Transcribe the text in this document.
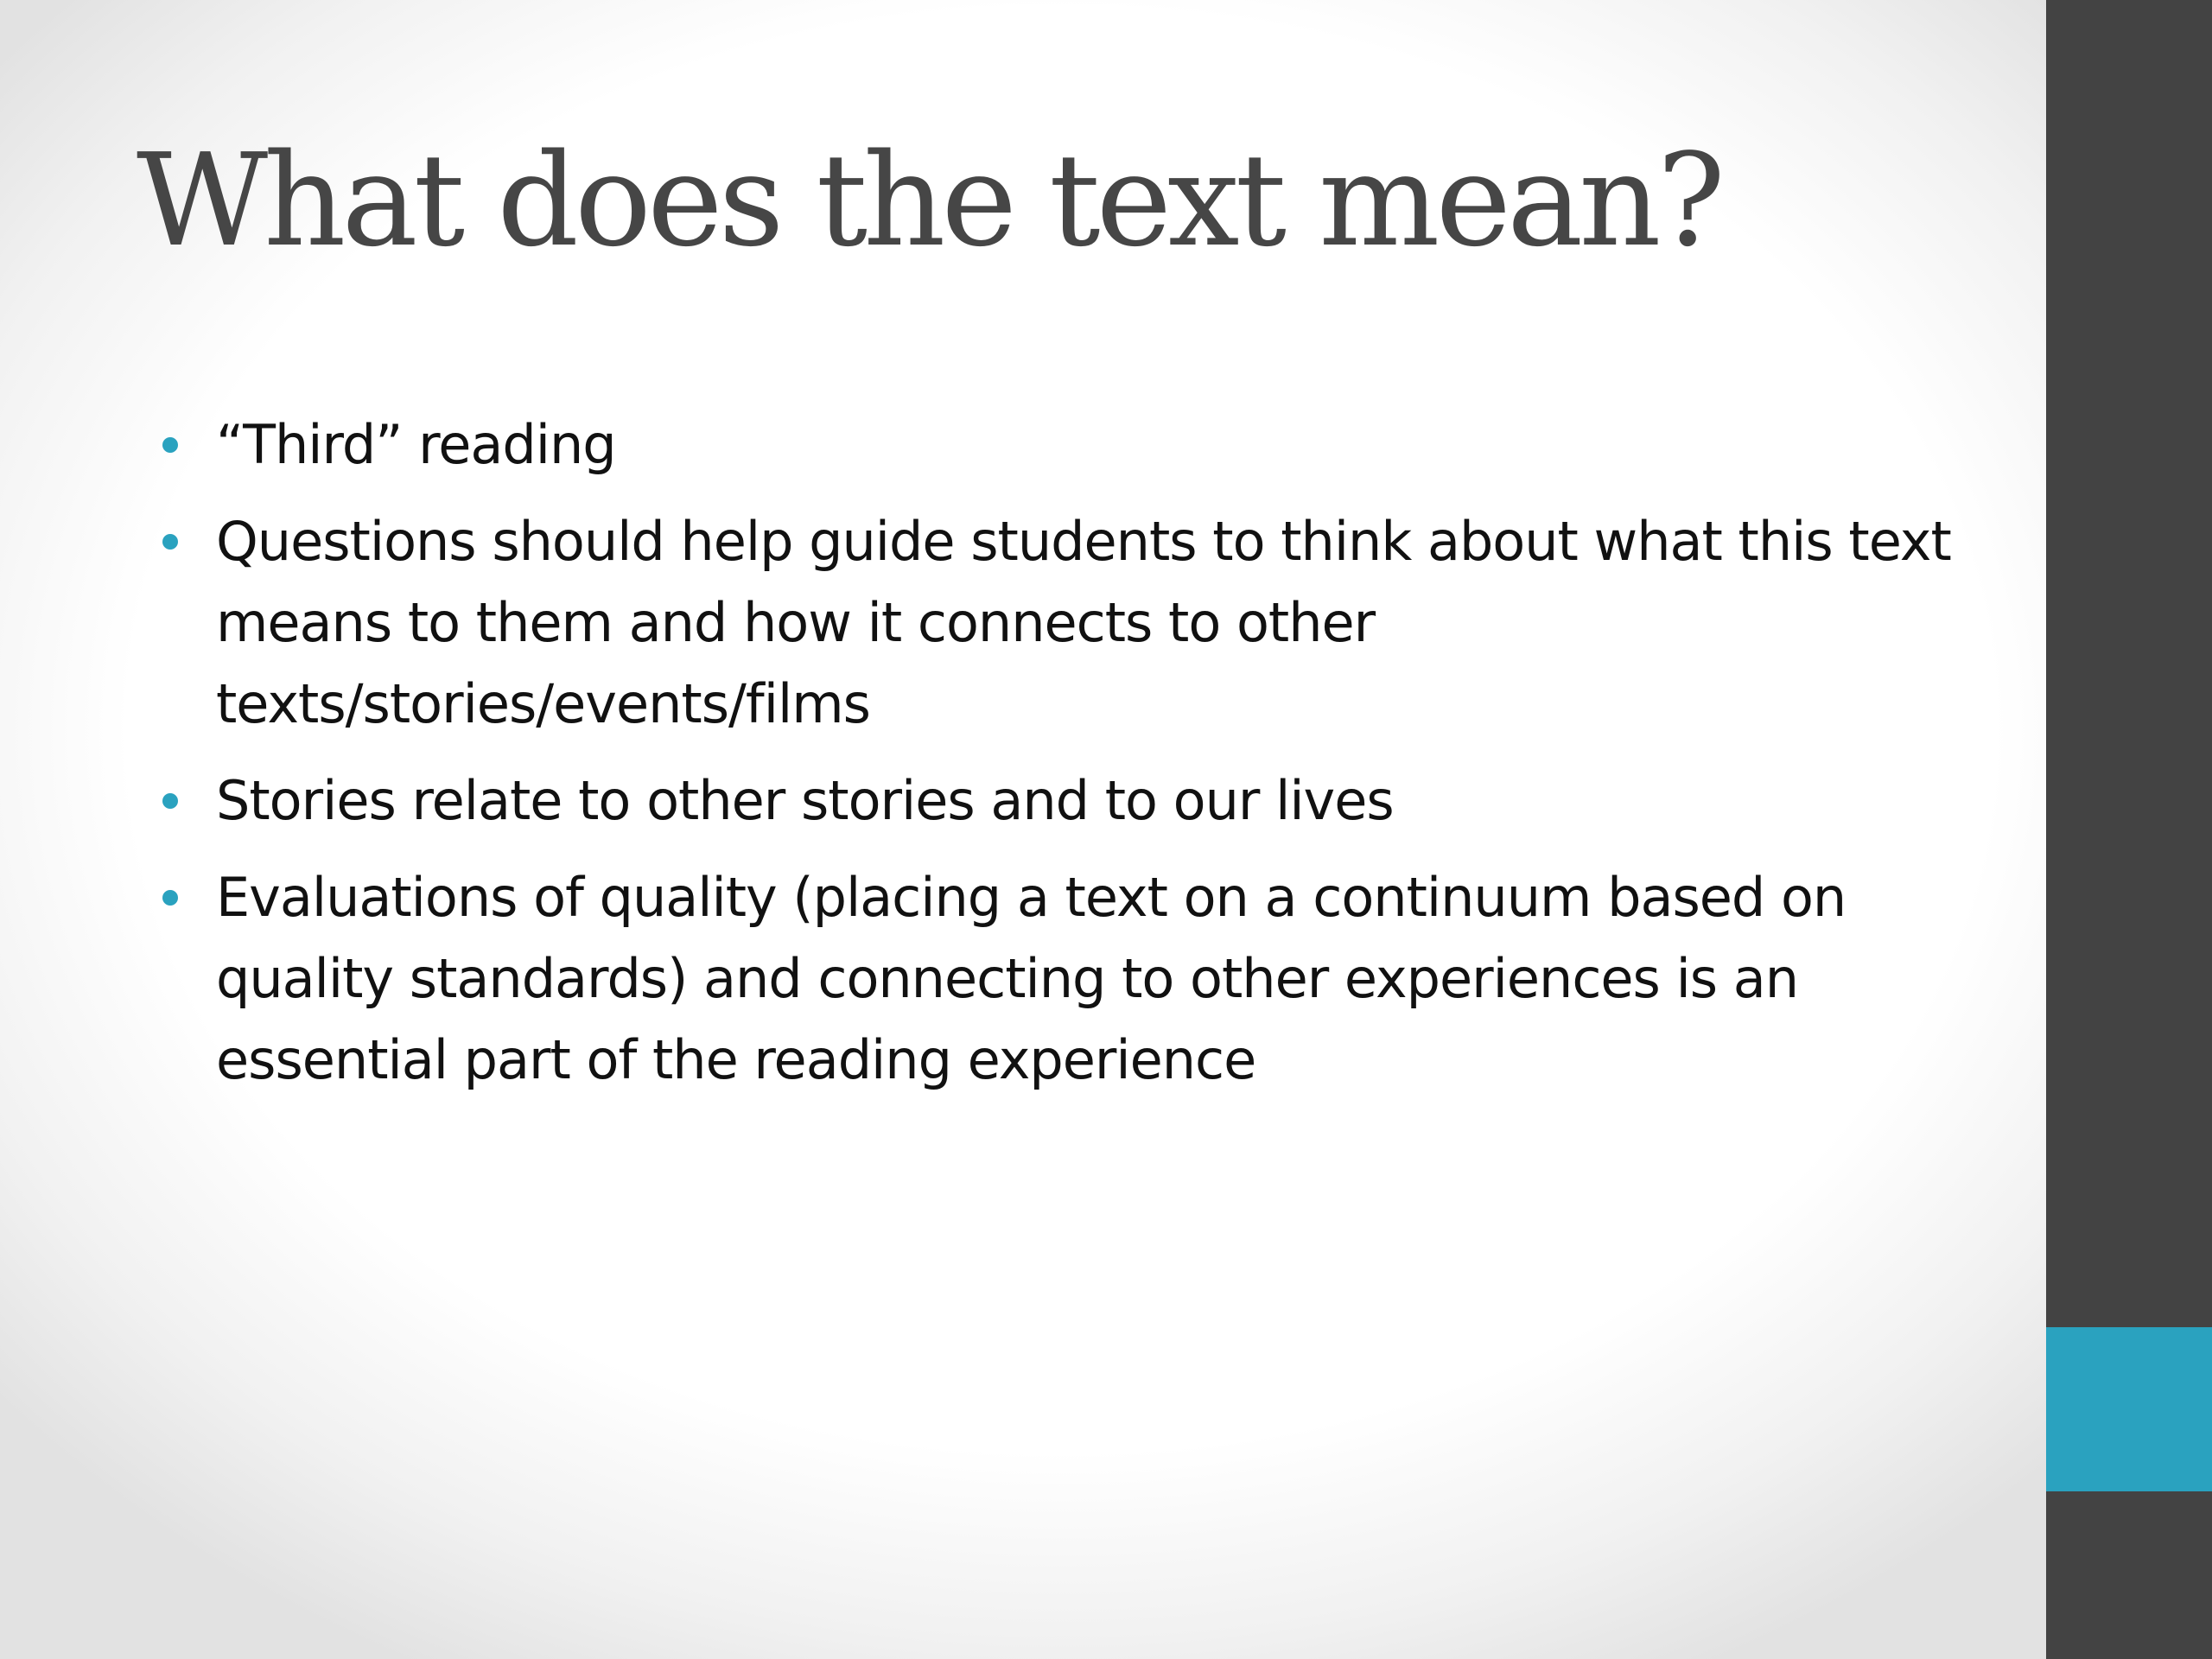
What does the text mean?
“Third” reading
Questions should help guide students to think about what this text means to them and how it connects to other texts/stories/events/films
Stories relate to other stories and to our lives
Evaluations of quality (placing a text on a continuum based on quality standards) and connecting to other experiences is an essential part of the reading experience
